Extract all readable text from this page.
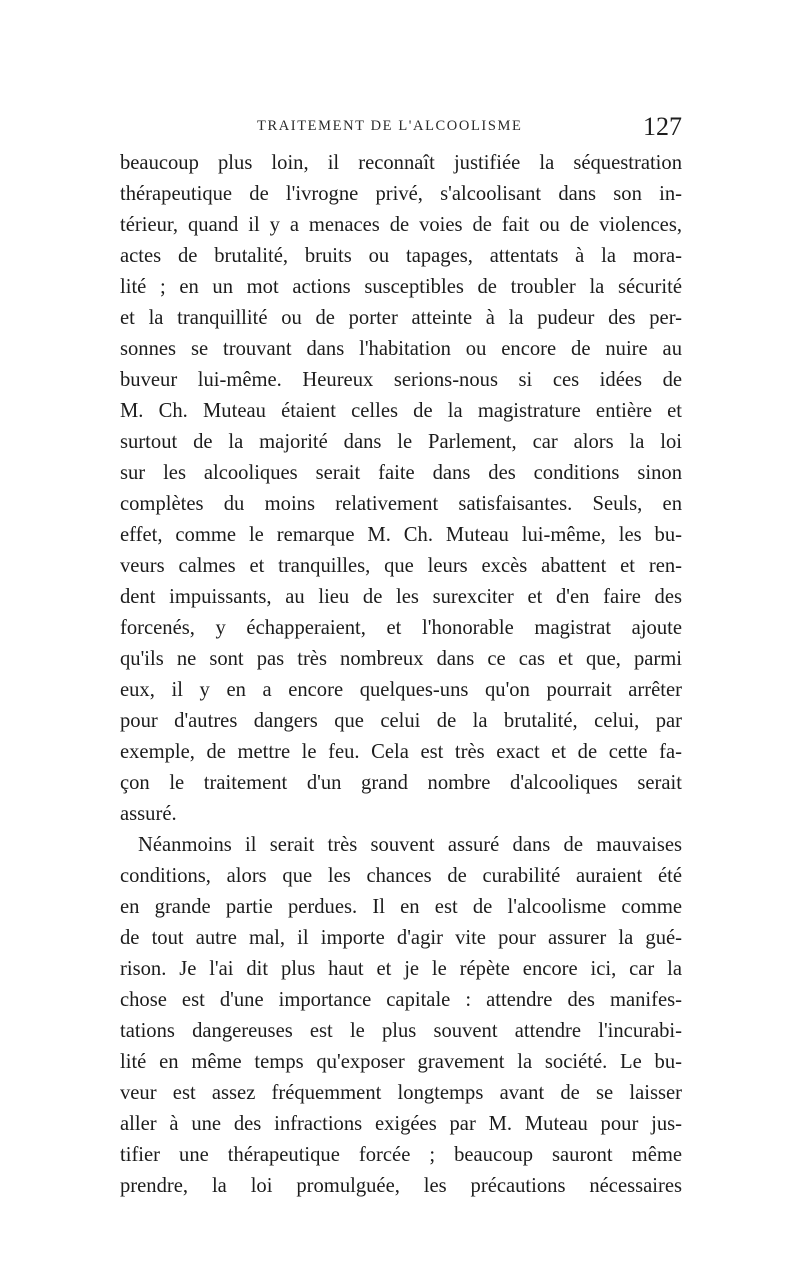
TRAITEMENT DE L'ALCOOLISME	127
beaucoup plus loin, il reconnaît justifiée la séquestration
thérapeutique de l'ivrogne privé, s'alcoolisant dans son in-
térieur, quand il y a menaces de voies de fait ou de violences,
actes de brutalité, bruits ou tapages, attentats à la mora-
lité ; en un mot actions susceptibles de troubler la sécurité
et la tranquillité ou de porter atteinte à la pudeur des per-
sonnes se trouvant dans l'habitation ou encore de nuire au
buveur lui-même. Heureux serions-nous si ces idées de
M. Ch. Muteau étaient celles de la magistrature entière et
surtout de la majorité dans le Parlement, car alors la loi
sur les alcooliques serait faite dans des conditions sinon
complètes du moins relativement satisfaisantes. Seuls, en
effet, comme le remarque M. Ch. Muteau lui-même, les bu-
veurs calmes et tranquilles, que leurs excès abattent et ren-
dent impuissants, au lieu de les surexciter et d'en faire des
forcenés, y échapperaient, et l'honorable magistrat ajoute
qu'ils ne sont pas très nombreux dans ce cas et que, parmi
eux, il y en a encore quelques-uns qu'on pourrait arrêter
pour d'autres dangers que celui de la brutalité, celui, par
exemple, de mettre le feu. Cela est très exact et de cette fa-
çon le traitement d'un grand nombre d'alcooliques serait
assuré.
Néanmoins il serait très souvent assuré dans de mauvaises
conditions, alors que les chances de curabilité auraient été
en grande partie perdues. Il en est de l'alcoolisme comme
de tout autre mal, il importe d'agir vite pour assurer la gué-
rison. Je l'ai dit plus haut et je le répète encore ici, car la
chose est d'une importance capitale : attendre des manifes-
tations dangereuses est le plus souvent attendre l'incurabi-
lité en même temps qu'exposer gravement la société. Le bu-
veur est assez fréquemment longtemps avant de se laisser
aller à une des infractions exigées par M. Muteau pour jus-
tifier une thérapeutique forcée ; beaucoup sauront même
prendre, la loi promulguée, les précautions nécessaires
